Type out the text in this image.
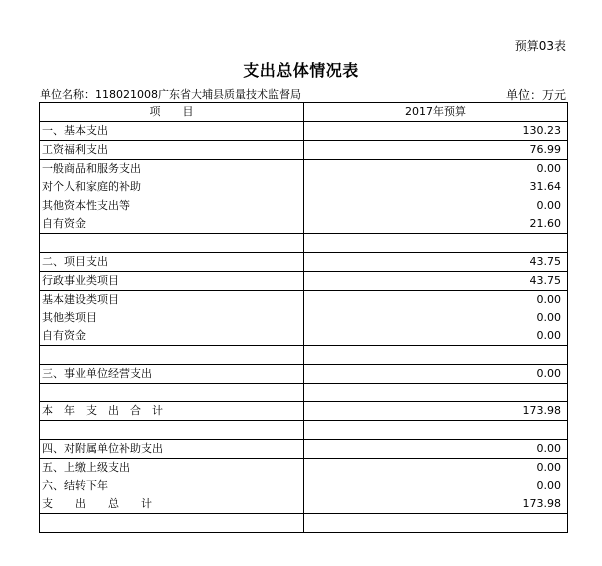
预算03表
支出总体情况表
单位名称：118021008广东省大埔县质量技术监督局	单位：万元
项　　目	2017年预算
一、基本支出	130.23
工资福利支出	76.99
一般商品和服务支出	0.00
对个人和家庭的补助	31.64
其他资本性支出等	0.00
自有资金	21.60

二、项目支出	43.75
行政事业类项目	43.75
基本建设类项目	0.00
其他类项目	0.00
自有资金	0.00

三、事业单位经营支出	0.00

本　年　支　出　合　计	173.98

四、对附属单位补助支出	0.00
五、上缴上级支出	0.00
六、结转下年	0.00
支　　出　　总　　计	173.98
